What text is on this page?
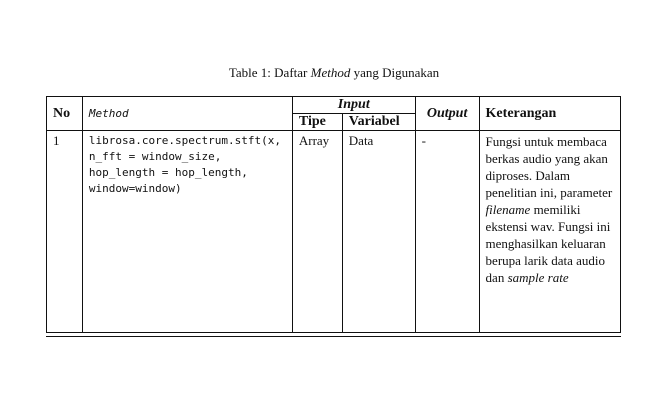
Table 1: Daftar Method yang Digunakan
No	Method	Input		Output	Keterangan
		Tipe	Variabel		
1	librosa.core.spectrum.stft(x,
n_fft = window_size,
hop_length = hop_length,
window=window)	Array	Data	-	Fungsi untuk membaca berkas audio yang akan diproses. Dalam penelitian ini, parameter filename memiliki ekstensi wav. Fungsi ini menghasilkan keluaran berupa larik data audio dan sample rate
